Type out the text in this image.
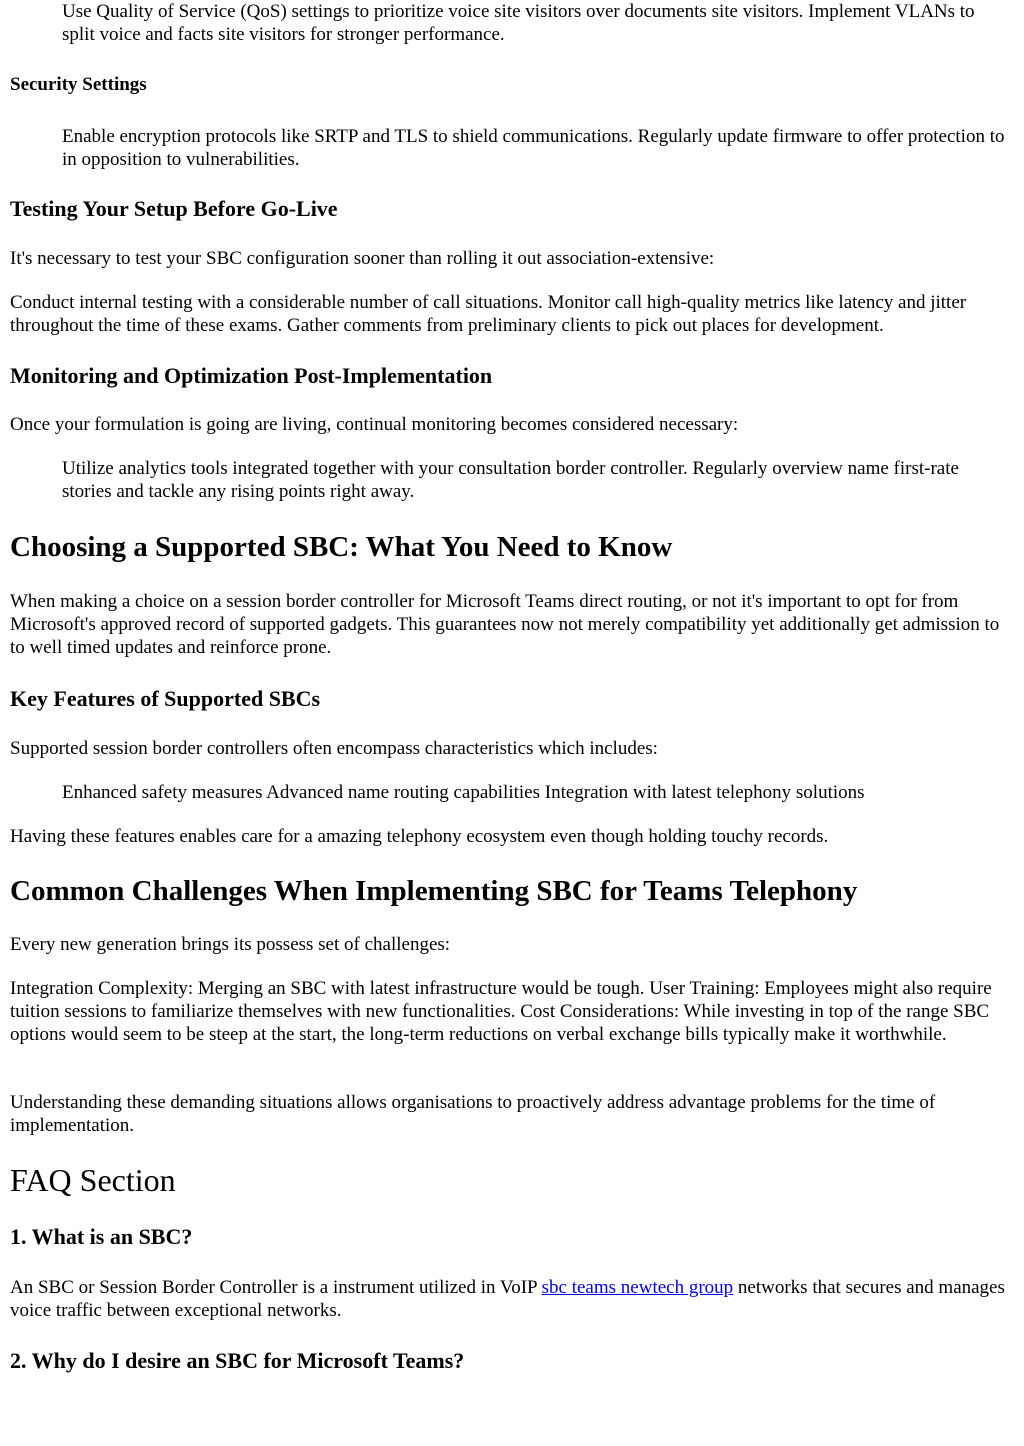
Use Quality of Service (QoS) settings to prioritize voice site visitors over documents site visitors. Implement VLANs to split voice and facts site visitors for stronger performance.

Security Settings

Enable encryption protocols like SRTP and TLS to shield communications. Regularly update firmware to offer protection to in opposition to vulnerabilities.

Testing Your Setup Before Go-Live

It's necessary to test your SBC configuration sooner than rolling it out association-extensive:

Conduct internal testing with a considerable number of call situations. Monitor call high-quality metrics like latency and jitter throughout the time of these exams. Gather comments from preliminary clients to pick out places for development.

Monitoring and Optimization Post-Implementation

Once your formulation is going are living, continual monitoring becomes considered necessary:

Utilize analytics tools integrated together with your consultation border controller. Regularly overview name first-rate stories and tackle any rising points right away.

Choosing a Supported SBC: What You Need to Know

When making a choice on a session border controller for Microsoft Teams direct routing, or not it's important to opt for from Microsoft's approved record of supported gadgets. This guarantees now not merely compatibility yet additionally get admission to to well timed updates and reinforce prone.

Key Features of Supported SBCs

Supported session border controllers often encompass characteristics which includes:

Enhanced safety measures Advanced name routing capabilities Integration with latest telephony solutions

Having these features enables care for a amazing telephony ecosystem even though holding touchy records.

Common Challenges When Implementing SBC for Teams Telephony

Every new generation brings its possess set of challenges:

Integration Complexity: Merging an SBC with latest infrastructure would be tough. User Training: Employees might also require tuition sessions to familiarize themselves with new functionalities. Cost Considerations: While investing in top of the range SBC options would seem to be steep at the start, the long-term reductions on verbal exchange bills typically make it worthwhile.

Understanding these demanding situations allows organisations to proactively address advantage problems for the time of implementation.

FAQ Section

1. What is an SBC?

An SBC or Session Border Controller is a instrument utilized in VoIP sbc teams newtech group networks that secures and manages voice traffic between exceptional networks.

2. Why do I desire an SBC for Microsoft Teams?
